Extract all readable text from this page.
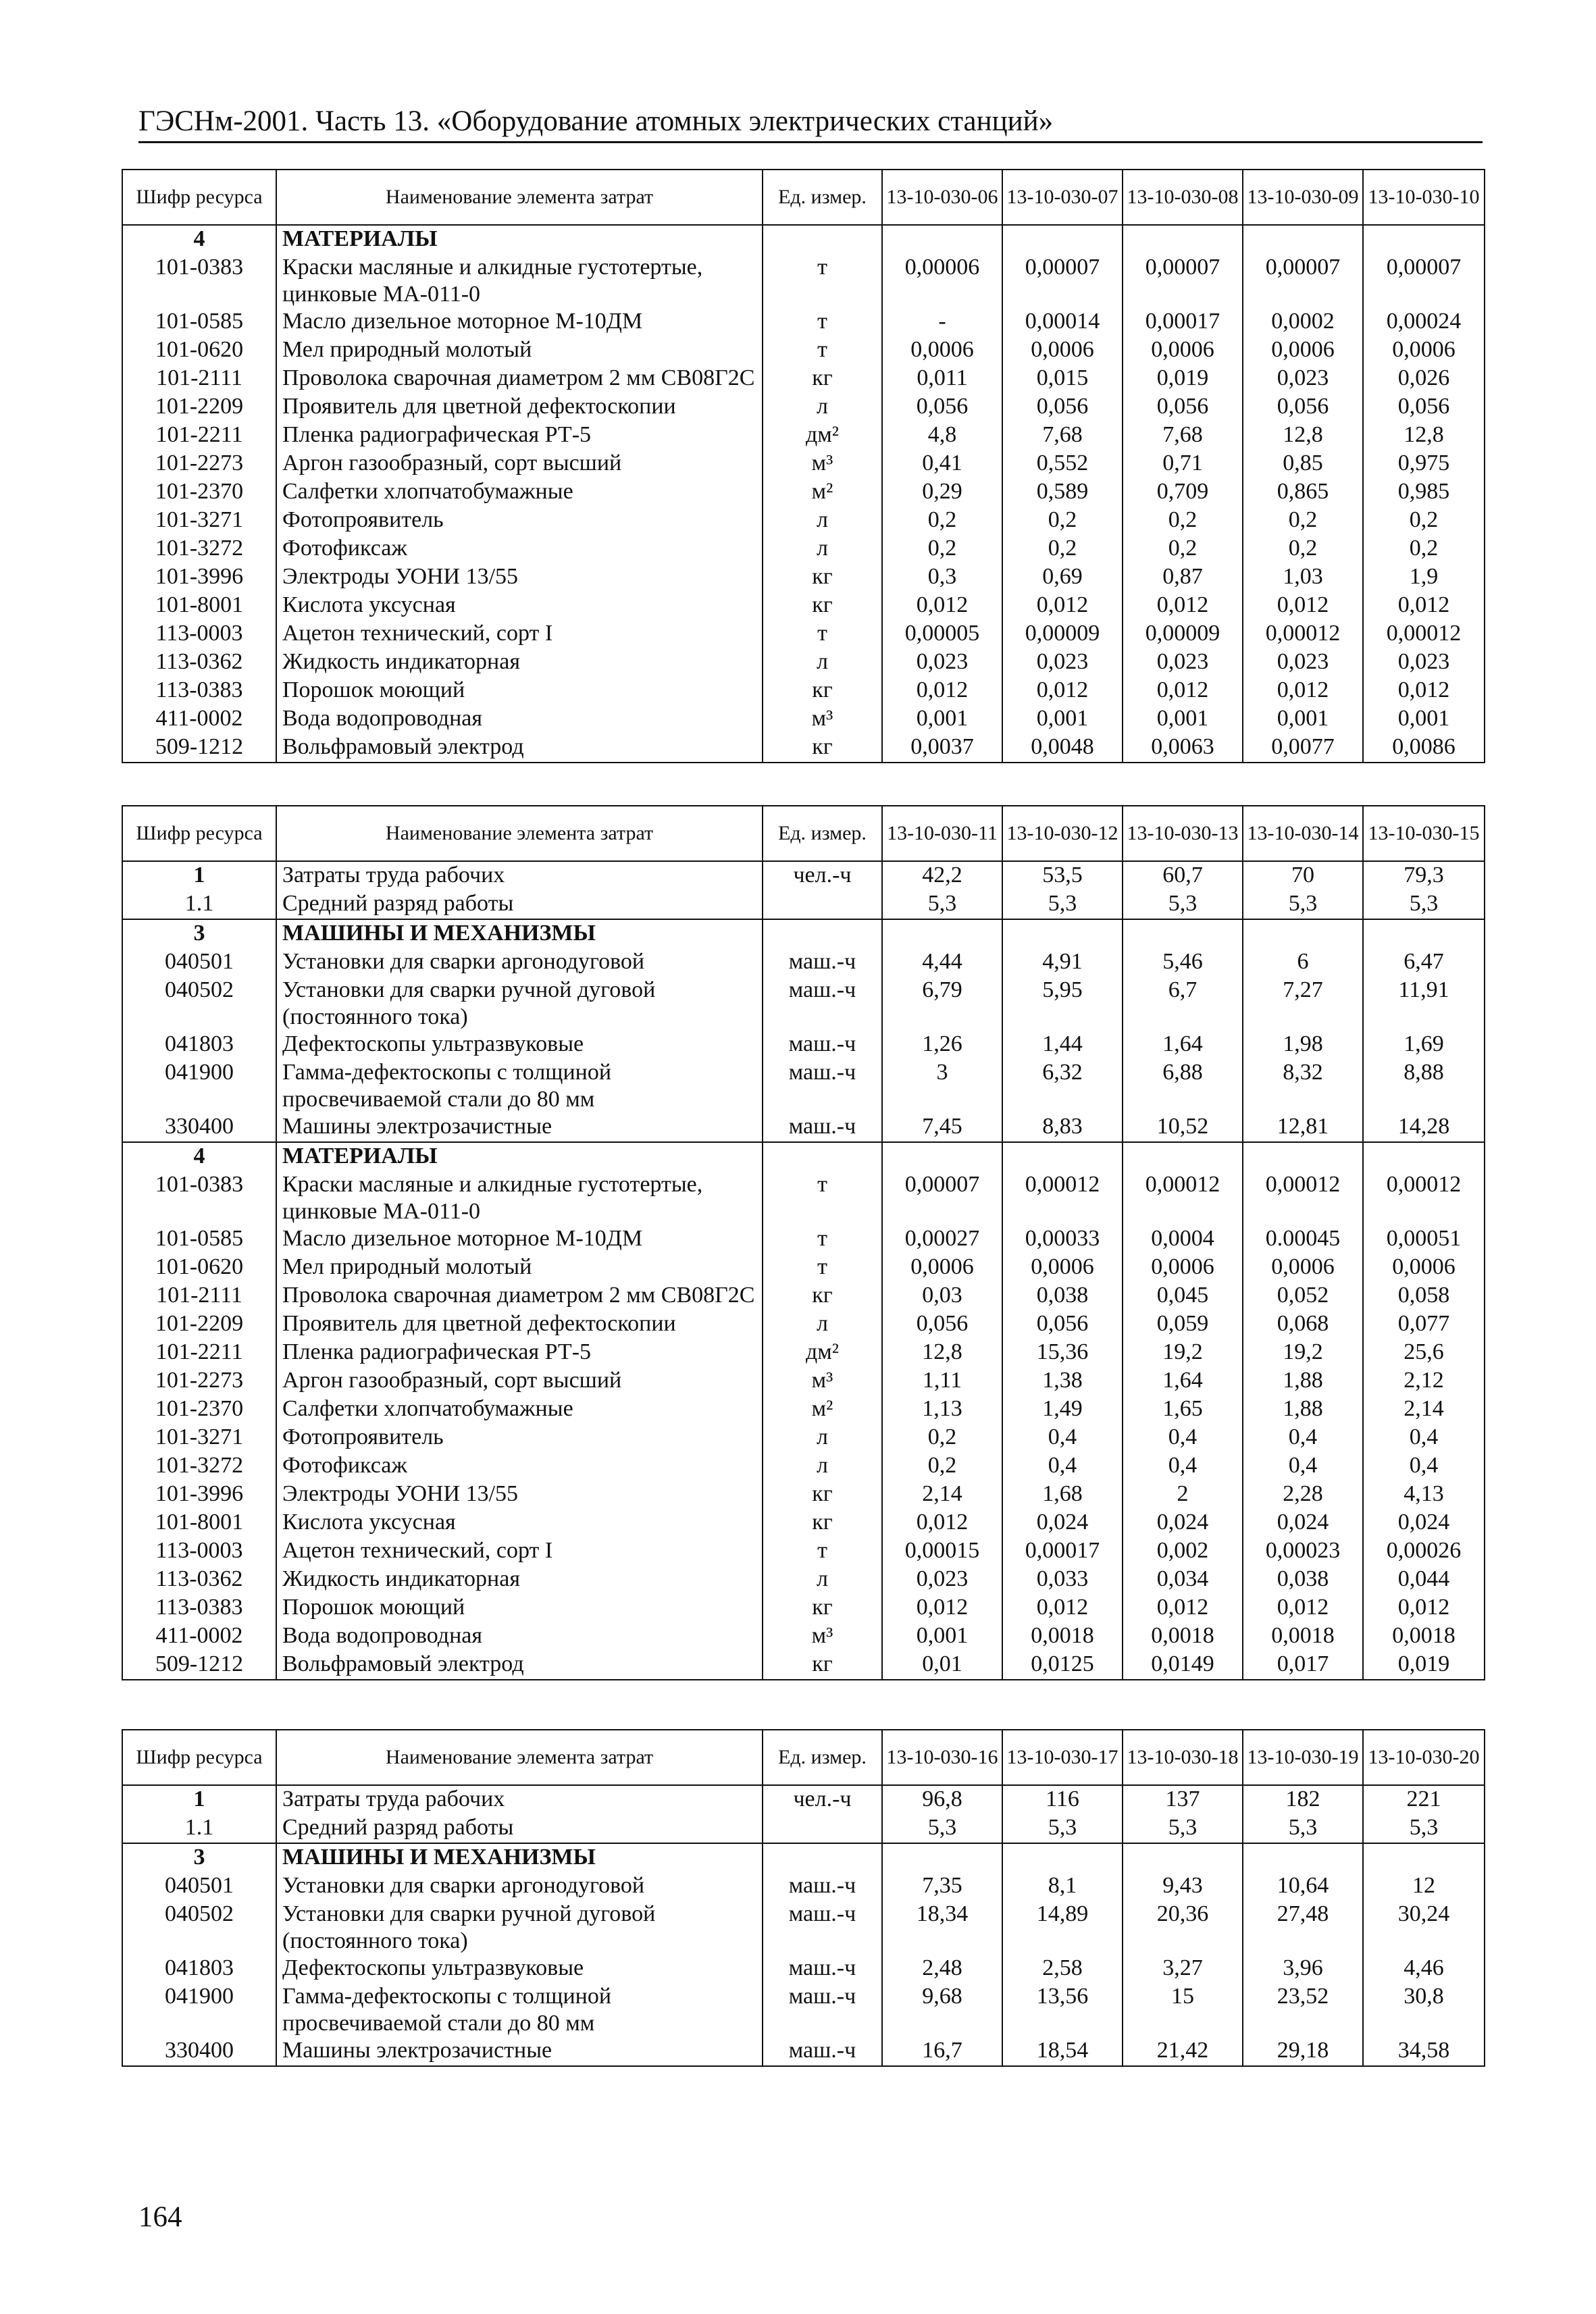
ГЭСНм-2001. Часть 13. «Оборудование атомных электрических станций»
Шифр ресурса	Наименование элемента затрат	Ед. измер.	13-10-030-06	13-10-030-07	13-10-030-08	13-10-030-09	13-10-030-10
4	МАТЕРИАЛЫ						
101-0383	Краски масляные и алкидные густотертые, цинковые МА-011-0	т	0,00006	0,00007	0,00007	0,00007	0,00007
101-0585	Масло дизельное моторное М-10ДМ	т	-	0,00014	0,00017	0,0002	0,00024
101-0620	Мел природный молотый	т	0,0006	0,0006	0,0006	0,0006	0,0006
101-2111	Проволока сварочная диаметром 2 мм СВ08Г2С	кг	0,011	0,015	0,019	0,023	0,026
101-2209	Проявитель для цветной дефектоскопии	л	0,056	0,056	0,056	0,056	0,056
101-2211	Пленка радиографическая РТ-5	дм²	4,8	7,68	7,68	12,8	12,8
101-2273	Аргон газообразный, сорт высший	м³	0,41	0,552	0,71	0,85	0,975
101-2370	Салфетки хлопчатобумажные	м²	0,29	0,589	0,709	0,865	0,985
101-3271	Фотопроявитель	л	0,2	0,2	0,2	0,2	0,2
101-3272	Фотофиксаж	л	0,2	0,2	0,2	0,2	0,2
101-3996	Электроды УОНИ 13/55	кг	0,3	0,69	0,87	1,03	1,9
101-8001	Кислота уксусная	кг	0,012	0,012	0,012	0,012	0,012
113-0003	Ацетон технический, сорт I	т	0,00005	0,00009	0,00009	0,00012	0,00012
113-0362	Жидкость индикаторная	л	0,023	0,023	0,023	0,023	0,023
113-0383	Порошок моющий	кг	0,012	0,012	0,012	0,012	0,012
411-0002	Вода водопроводная	м³	0,001	0,001	0,001	0,001	0,001
509-1212	Вольфрамовый электрод	кг	0,0037	0,0048	0,0063	0,0077	0,0086
Шифр ресурса	Наименование элемента затрат	Ед. измер.	13-10-030-11	13-10-030-12	13-10-030-13	13-10-030-14	13-10-030-15
1	Затраты труда рабочих	чел.-ч	42,2	53,5	60,7	70	79,3
1.1	Средний разряд работы		5,3	5,3	5,3	5,3	5,3
3	МАШИНЫ И МЕХАНИЗМЫ						
040501	Установки для сварки аргонодуговой	маш.-ч	4,44	4,91	5,46	6	6,47
040502	Установки для сварки ручной дуговой (постоянного тока)	маш.-ч	6,79	5,95	6,7	7,27	11,91
041803	Дефектоскопы ультразвуковые	маш.-ч	1,26	1,44	1,64	1,98	1,69
041900	Гамма-дефектоскопы с толщиной просвечиваемой стали до 80 мм	маш.-ч	3	6,32	6,88	8,32	8,88
330400	Машины электрозачистные	маш.-ч	7,45	8,83	10,52	12,81	14,28
4	МАТЕРИАЛЫ						
101-0383	Краски масляные и алкидные густотертые, цинковые МА-011-0	т	0,00007	0,00012	0,00012	0,00012	0,00012
101-0585	Масло дизельное моторное М-10ДМ	т	0,00027	0,00033	0,0004	0.00045	0,00051
101-0620	Мел природный молотый	т	0,0006	0,0006	0,0006	0,0006	0,0006
101-2111	Проволока сварочная диаметром 2 мм СВ08Г2С	кг	0,03	0,038	0,045	0,052	0,058
101-2209	Проявитель для цветной дефектоскопии	л	0,056	0,056	0,059	0,068	0,077
101-2211	Пленка радиографическая РТ-5	дм²	12,8	15,36	19,2	19,2	25,6
101-2273	Аргон газообразный, сорт высший	м³	1,11	1,38	1,64	1,88	2,12
101-2370	Салфетки хлопчатобумажные	м²	1,13	1,49	1,65	1,88	2,14
101-3271	Фотопроявитель	л	0,2	0,4	0,4	0,4	0,4
101-3272	Фотофиксаж	л	0,2	0,4	0,4	0,4	0,4
101-3996	Электроды УОНИ 13/55	кг	2,14	1,68	2	2,28	4,13
101-8001	Кислота уксусная	кг	0,012	0,024	0,024	0,024	0,024
113-0003	Ацетон технический, сорт I	т	0,00015	0,00017	0,002	0,00023	0,00026
113-0362	Жидкость индикаторная	л	0,023	0,033	0,034	0,038	0,044
113-0383	Порошок моющий	кг	0,012	0,012	0,012	0,012	0,012
411-0002	Вода водопроводная	м³	0,001	0,0018	0,0018	0,0018	0,0018
509-1212	Вольфрамовый электрод	кг	0,01	0,0125	0,0149	0,017	0,019
Шифр ресурса	Наименование элемента затрат	Ед. измер.	13-10-030-16	13-10-030-17	13-10-030-18	13-10-030-19	13-10-030-20
1	Затраты труда рабочих	чел.-ч	96,8	116	137	182	221
1.1	Средний разряд работы		5,3	5,3	5,3	5,3	5,3
3	МАШИНЫ И МЕХАНИЗМЫ						
040501	Установки для сварки аргонодуговой	маш.-ч	7,35	8,1	9,43	10,64	12
040502	Установки для сварки ручной дуговой (постоянного тока)	маш.-ч	18,34	14,89	20,36	27,48	30,24
041803	Дефектоскопы ультразвуковые	маш.-ч	2,48	2,58	3,27	3,96	4,46
041900	Гамма-дефектоскопы с толщиной просвечиваемой стали до 80 мм	маш.-ч	9,68	13,56	15	23,52	30,8
330400	Машины электрозачистные	маш.-ч	16,7	18,54	21,42	29,18	34,58
164
